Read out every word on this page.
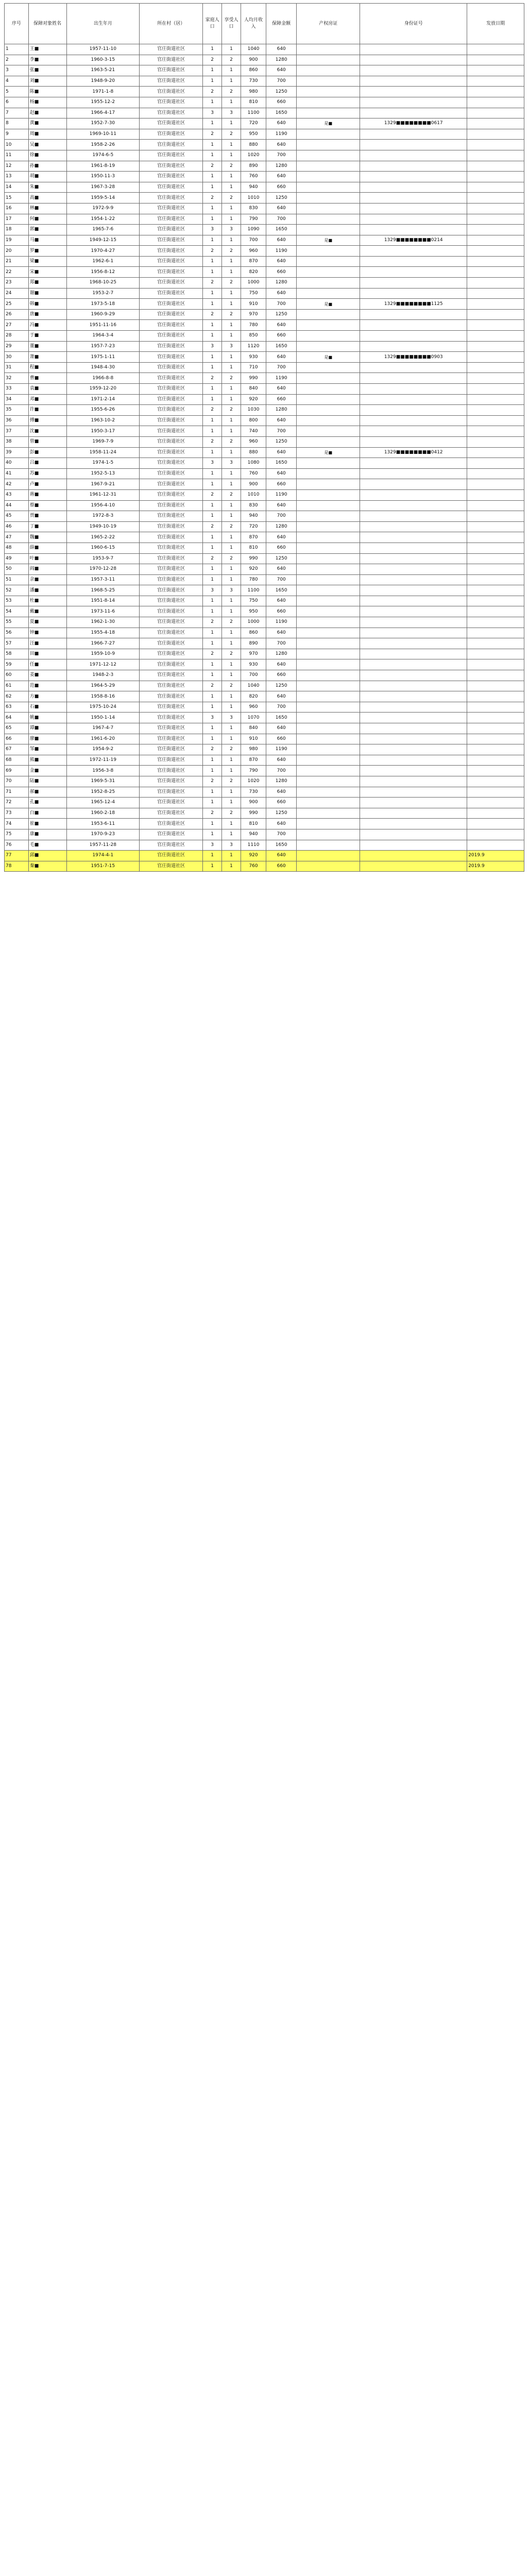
序号	保障对象姓名	出生年月	所在村（居）	家庭人口	享受人口	人均月收入	保障金额	产权房证	身份证号	发放日期
1	王■	1957-11-10	官庄街道社区	1	1	1040	640			
2	李■	1960-3-15	官庄街道社区	2	2	900	1280			
3	张■	1963-5-21	官庄街道社区	1	1	860	640			
4	刘■	1948-9-20	官庄街道社区	1	1	730	700			
5	陈■	1971-1-8	官庄街道社区	2	2	980	1250			
6	杨■	1955-12-2	官庄街道社区	1	1	810	660			
7	赵■	1966-4-17	官庄街道社区	3	3	1100	1650			
8	黄■	1952-7-30	官庄街道社区	1	1	720	640	是■	1329■■■■■■■■0617	
9	周■	1969-10-11	官庄街道社区	2	2	950	1190			
10	吴■	1958-2-26	官庄街道社区	1	1	880	640			
11	徐■	1974-6-5	官庄街道社区	1	1	1020	700			
12	孙■	1961-8-19	官庄街道社区	2	2	890	1280			
13	胡■	1950-11-3	官庄街道社区	1	1	760	640			
14	朱■	1967-3-28	官庄街道社区	1	1	940	660			
15	高■	1959-5-14	官庄街道社区	2	2	1010	1250			
16	林■	1972-9-9	官庄街道社区	1	1	830	640			
17	何■	1954-1-22	官庄街道社区	1	1	790	700			
18	郭■	1965-7-6	官庄街道社区	3	3	1090	1650			
19	马■	1949-12-15	官庄街道社区	1	1	700	640	是■	1329■■■■■■■■0214	
20	罗■	1970-4-27	官庄街道社区	2	2	960	1190			
21	梁■	1962-6-1	官庄街道社区	1	1	870	640			
22	宋■	1956-8-12	官庄街道社区	1	1	820	660			
23	郑■	1968-10-25	官庄街道社区	2	2	1000	1280			
24	谢■	1953-2-7	官庄街道社区	1	1	750	640			
25	韩■	1973-5-18	官庄街道社区	1	1	910	700	是■	1329■■■■■■■■1125	
26	唐■	1960-9-29	官庄街道社区	2	2	970	1250			
27	冯■	1951-11-16	官庄街道社区	1	1	780	640			
28	于■	1964-3-4	官庄街道社区	1	1	850	660			
29	董■	1957-7-23	官庄街道社区	3	3	1120	1650			
30	萧■	1975-1-11	官庄街道社区	1	1	930	640	是■	1329■■■■■■■■0903	
31	程■	1948-4-30	官庄街道社区	1	1	710	700			
32	曹■	1966-8-8	官庄街道社区	2	2	990	1190			
33	袁■	1959-12-20	官庄街道社区	1	1	840	640			
34	邓■	1971-2-14	官庄街道社区	1	1	920	660			
35	许■	1955-6-26	官庄街道社区	2	2	1030	1280			
36	傅■	1963-10-2	官庄街道社区	1	1	800	640			
37	沈■	1950-3-17	官庄街道社区	1	1	740	700			
38	曾■	1969-7-9	官庄街道社区	2	2	960	1250			
39	彭■	1958-11-24	官庄街道社区	1	1	880	640	是■	1329■■■■■■■■0412	
40	吕■	1974-1-5	官庄街道社区	3	3	1080	1650			
41	苏■	1952-5-13	官庄街道社区	1	1	760	640			
42	卢■	1967-9-21	官庄街道社区	1	1	900	660			
43	蒋■	1961-12-31	官庄街道社区	2	2	1010	1190			
44	蔡■	1956-4-10	官庄街道社区	1	1	830	640			
45	贾■	1972-8-3	官庄街道社区	1	1	940	700			
46	丁■	1949-10-19	官庄街道社区	2	2	720	1280			
47	魏■	1965-2-22	官庄街道社区	1	1	870	640			
48	薛■	1960-6-15	官庄街道社区	1	1	810	660			
49	叶■	1953-9-7	官庄街道社区	2	2	990	1250			
50	阎■	1970-12-28	官庄街道社区	1	1	920	640			
51	余■	1957-3-11	官庄街道社区	1	1	780	700			
52	潘■	1968-5-25	官庄街道社区	3	3	1100	1650			
53	杜■	1951-8-14	官庄街道社区	1	1	750	640			
54	戴■	1973-11-6	官庄街道社区	1	1	950	660			
55	夏■	1962-1-30	官庄街道社区	2	2	1000	1190			
56	钟■	1955-4-18	官庄街道社区	1	1	860	640			
57	汪■	1966-7-27	官庄街道社区	1	1	890	700			
58	田■	1959-10-9	官庄街道社区	2	2	970	1280			
59	任■	1971-12-12	官庄街道社区	1	1	930	640			
60	姜■	1948-2-3	官庄街道社区	1	1	700	660			
61	范■	1964-5-29	官庄街道社区	2	2	1040	1250			
62	方■	1958-8-16	官庄街道社区	1	1	820	640			
63	石■	1975-10-24	官庄街道社区	1	1	960	700			
64	姚■	1950-1-14	官庄街道社区	3	3	1070	1650			
65	谭■	1967-4-7	官庄街道社区	1	1	840	640			
66	廖■	1961-6-20	官庄街道社区	1	1	910	660			
67	邹■	1954-9-2	官庄街道社区	2	2	980	1190			
68	熊■	1972-11-19	官庄街道社区	1	1	870	640			
69	金■	1956-3-8	官庄街道社区	1	1	790	700			
70	陆■	1969-5-31	官庄街道社区	2	2	1020	1280			
71	郝■	1952-8-25	官庄街道社区	1	1	730	640			
72	孔■	1965-12-4	官庄街道社区	1	1	900	660			
73	白■	1960-2-18	官庄街道社区	2	2	990	1250			
74	崔■	1953-6-11	官庄街道社区	1	1	810	640			
75	康■	1970-9-23	官庄街道社区	1	1	940	700			
76	毛■	1957-11-28	官庄街道社区	3	3	1110	1650			
77	邱■	1974-4-1	官庄街道社区	1	1	920	640			2019.9
78	秦■	1951-7-15	官庄街道社区	1	1	760	660			2019.9
